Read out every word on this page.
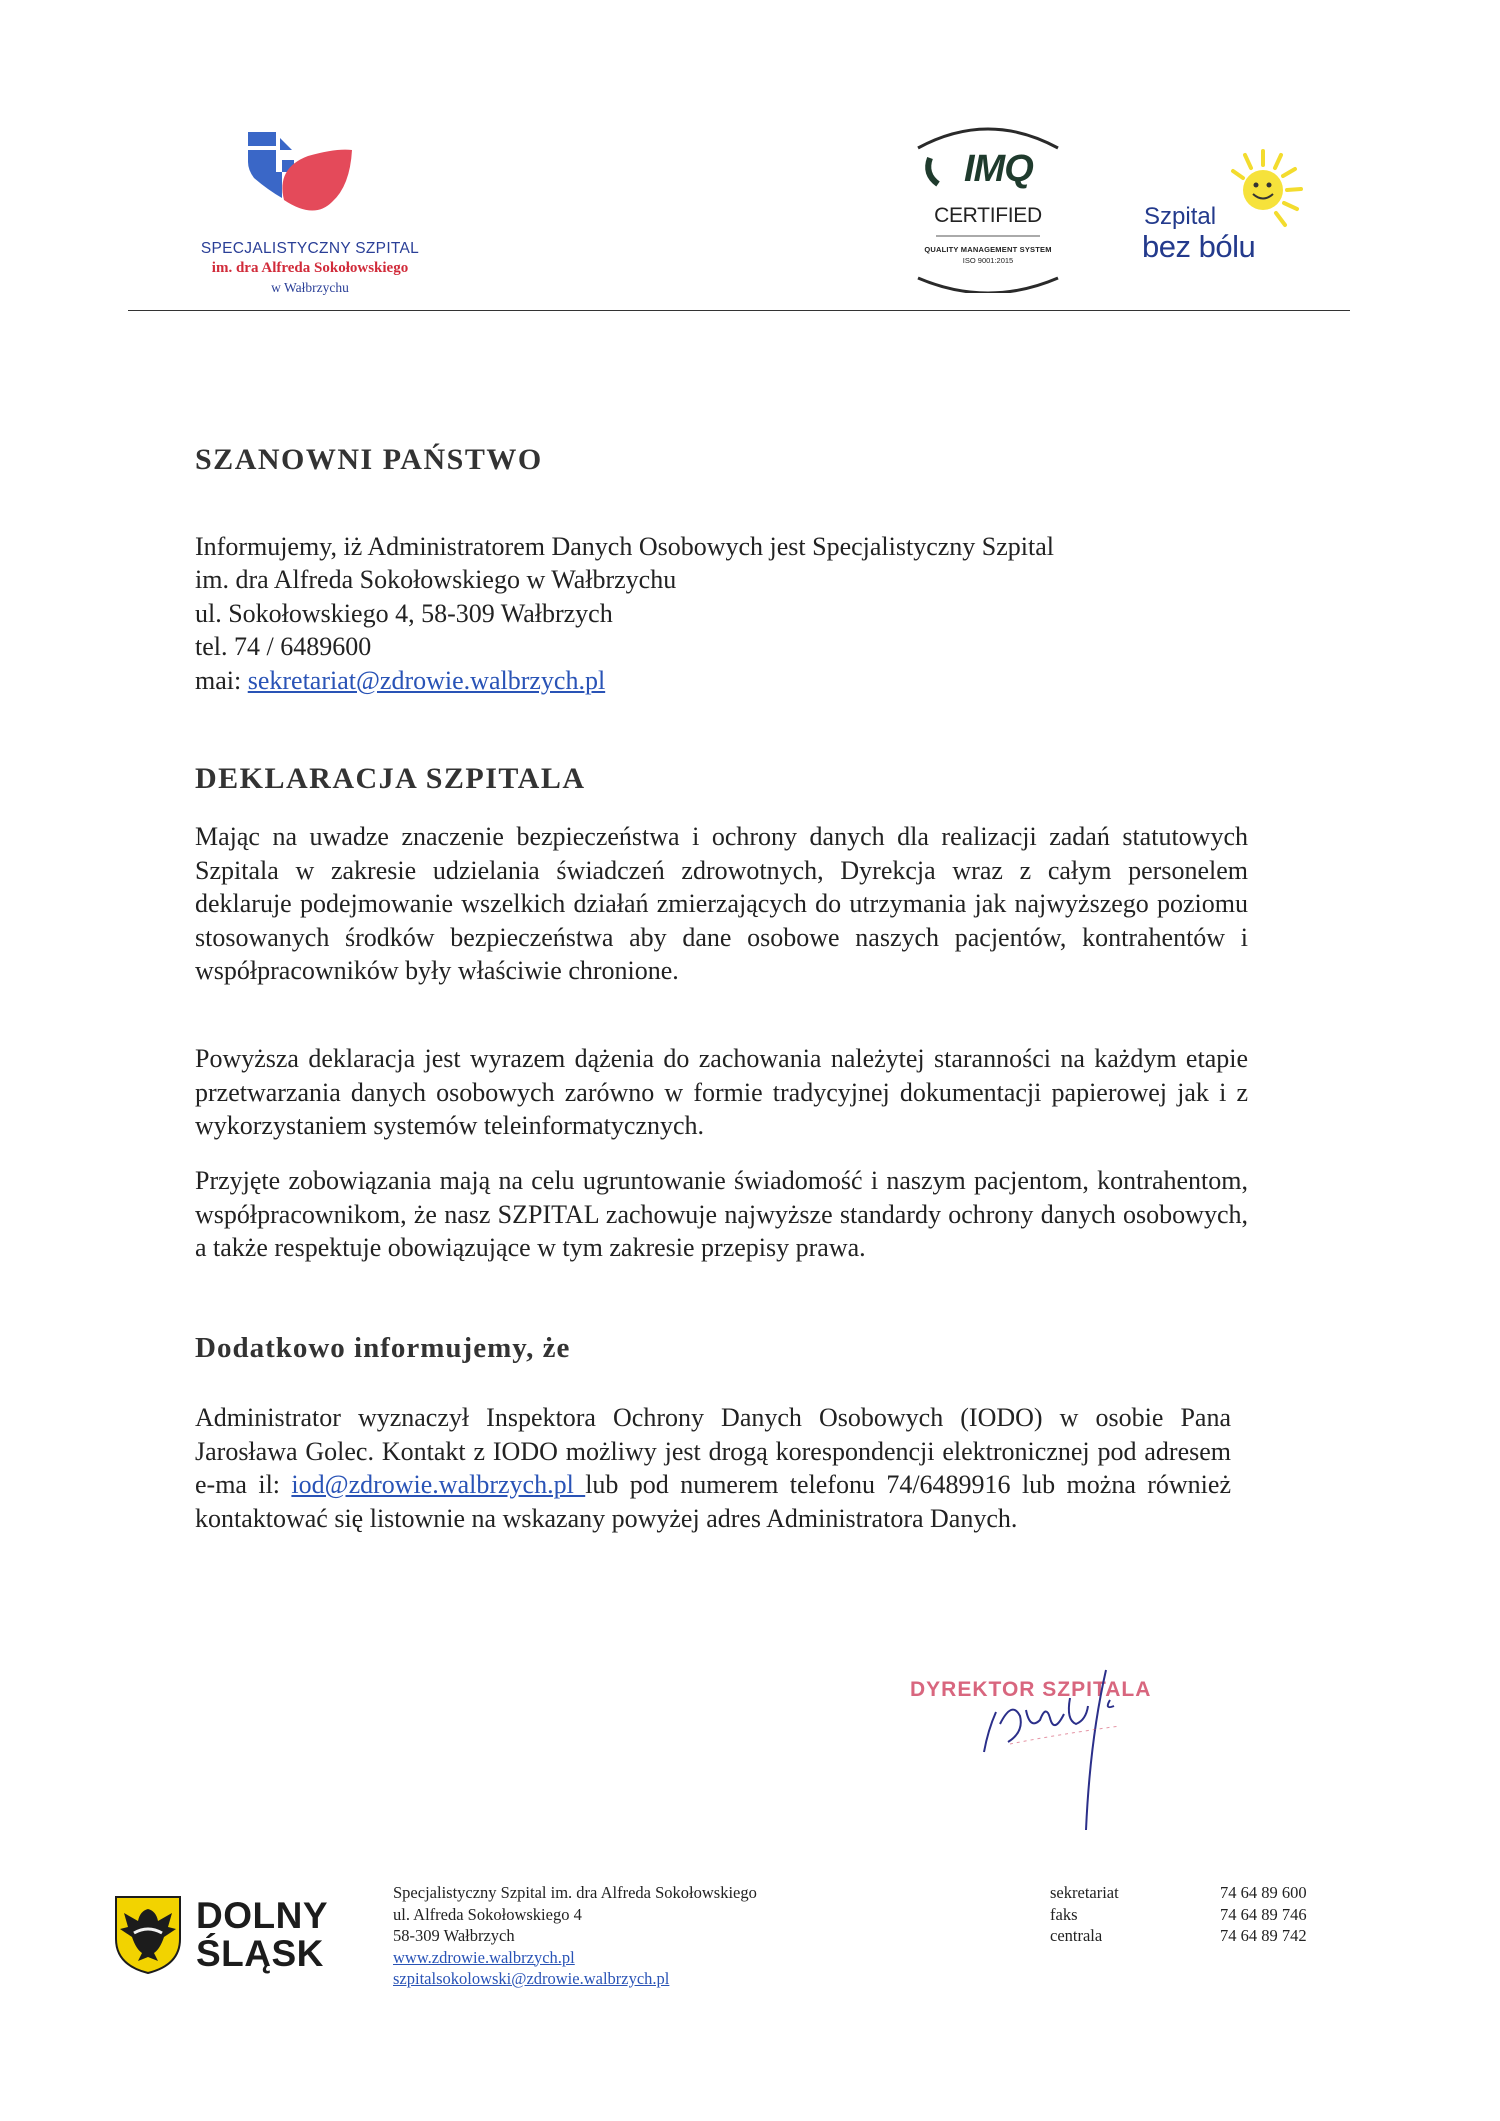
SPECJALISTYCZNY SZPITAL
im. dra Alfreda Sokołowskiego
w Wałbrzychu
IMQ
CERTIFIED
QUALITY MANAGEMENT SYSTEM
ISO 9001:2015
Szpital
bez bólu
SZANOWNI PAŃSTWO
Informujemy, iż Administratorem Danych Osobowych jest Specjalistyczny Szpital
im. dra Alfreda Sokołowskiego w Wałbrzychu
ul. Sokołowskiego 4, 58-309 Wałbrzych
tel. 74 / 6489600
mai: sekretariat@zdrowie.walbrzych.pl
DEKLARACJA SZPITALA
Mając na uwadze znaczenie bezpieczeństwa i ochrony danych dla realizacji zadań statutowych Szpitala w zakresie udzielania świadczeń zdrowotnych, Dyrekcja wraz z całym personelem deklaruje podejmowanie wszelkich działań zmierzających do utrzymania jak najwyższego poziomu stosowanych środków bezpieczeństwa aby dane osobowe naszych pacjentów, kontrahentów i współpracowników były właściwie chronione.
Powyższa deklaracja jest wyrazem dążenia do zachowania należytej staranności na każdym etapie przetwarzania danych osobowych zarówno w formie tradycyjnej dokumentacji papierowej jak i z wykorzystaniem systemów teleinformatycznych.
Przyjęte zobowiązania mają na celu ugruntowanie świadomość i naszym pacjentom, kontrahentom, współpracownikom, że nasz SZPITAL zachowuje najwyższe standardy ochrony danych osobowych, a także respektuje obowiązujące w tym zakresie przepisy prawa.
Dodatkowo informujemy, że
Administrator wyznaczył Inspektora Ochrony Danych Osobowych (IODO) w osobie Pana Jarosława Golec. Kontakt z IODO możliwy jest drogą korespondencji elektronicznej pod adresem e-ma il: iod@zdrowie.walbrzych.pl lub pod numerem telefonu 74/6489916 lub można również kontaktować się listownie na wskazany powyżej adres Administratora Danych.
DYREKTOR SZPITALA
DOLNY
ŚLĄSK
Specjalistyczny Szpital im. dra Alfreda Sokołowskiego
ul. Alfreda Sokołowskiego 4
58-309 Wałbrzych
www.zdrowie.walbrzych.pl
szpitalsokolowski@zdrowie.walbrzych.pl
sekretariat
faks
centrala
74 64 89 600
74 64 89 746
74 64 89 742
